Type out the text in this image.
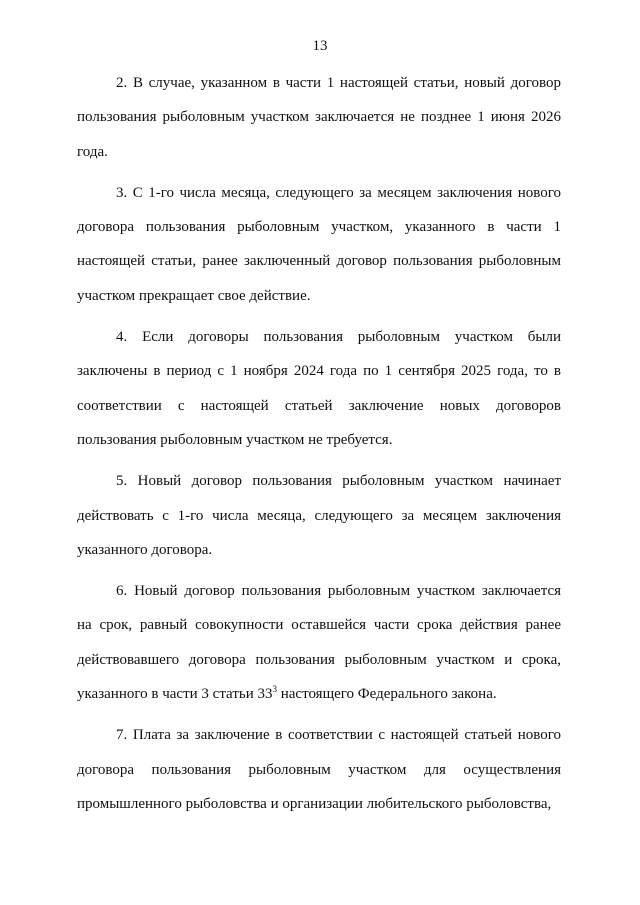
13

2. В случае, указанном в части 1 настоящей статьи, новый договор пользования рыболовным участком заключается не позднее 1 июня 2026 года.

3. С 1-го числа месяца, следующего за месяцем заключения нового договора пользования рыболовным участком, указанного в части 1 настоящей статьи, ранее заключенный договор пользования рыболовным участком прекращает свое действие.

4. Если договоры пользования рыболовным участком были заключены в период с 1 ноября 2024 года по 1 сентября 2025 года, то в соответствии с настоящей статьей заключение новых договоров пользования рыболовным участком не требуется.

5. Новый договор пользования рыболовным участком начинает действовать с 1-го числа месяца, следующего за месяцем заключения указанного договора.

6. Новый договор пользования рыболовным участком заключается на срок, равный совокупности оставшейся части срока действия ранее действовавшего договора пользования рыболовным участком и срока, указанного в части 3 статьи $33^3$ настоящего Федерального закона.

7. Плата за заключение в соответствии с настоящей статьей нового договора пользования рыболовным участком для осуществления промышленного рыболовства и организации любительского рыболовства,
